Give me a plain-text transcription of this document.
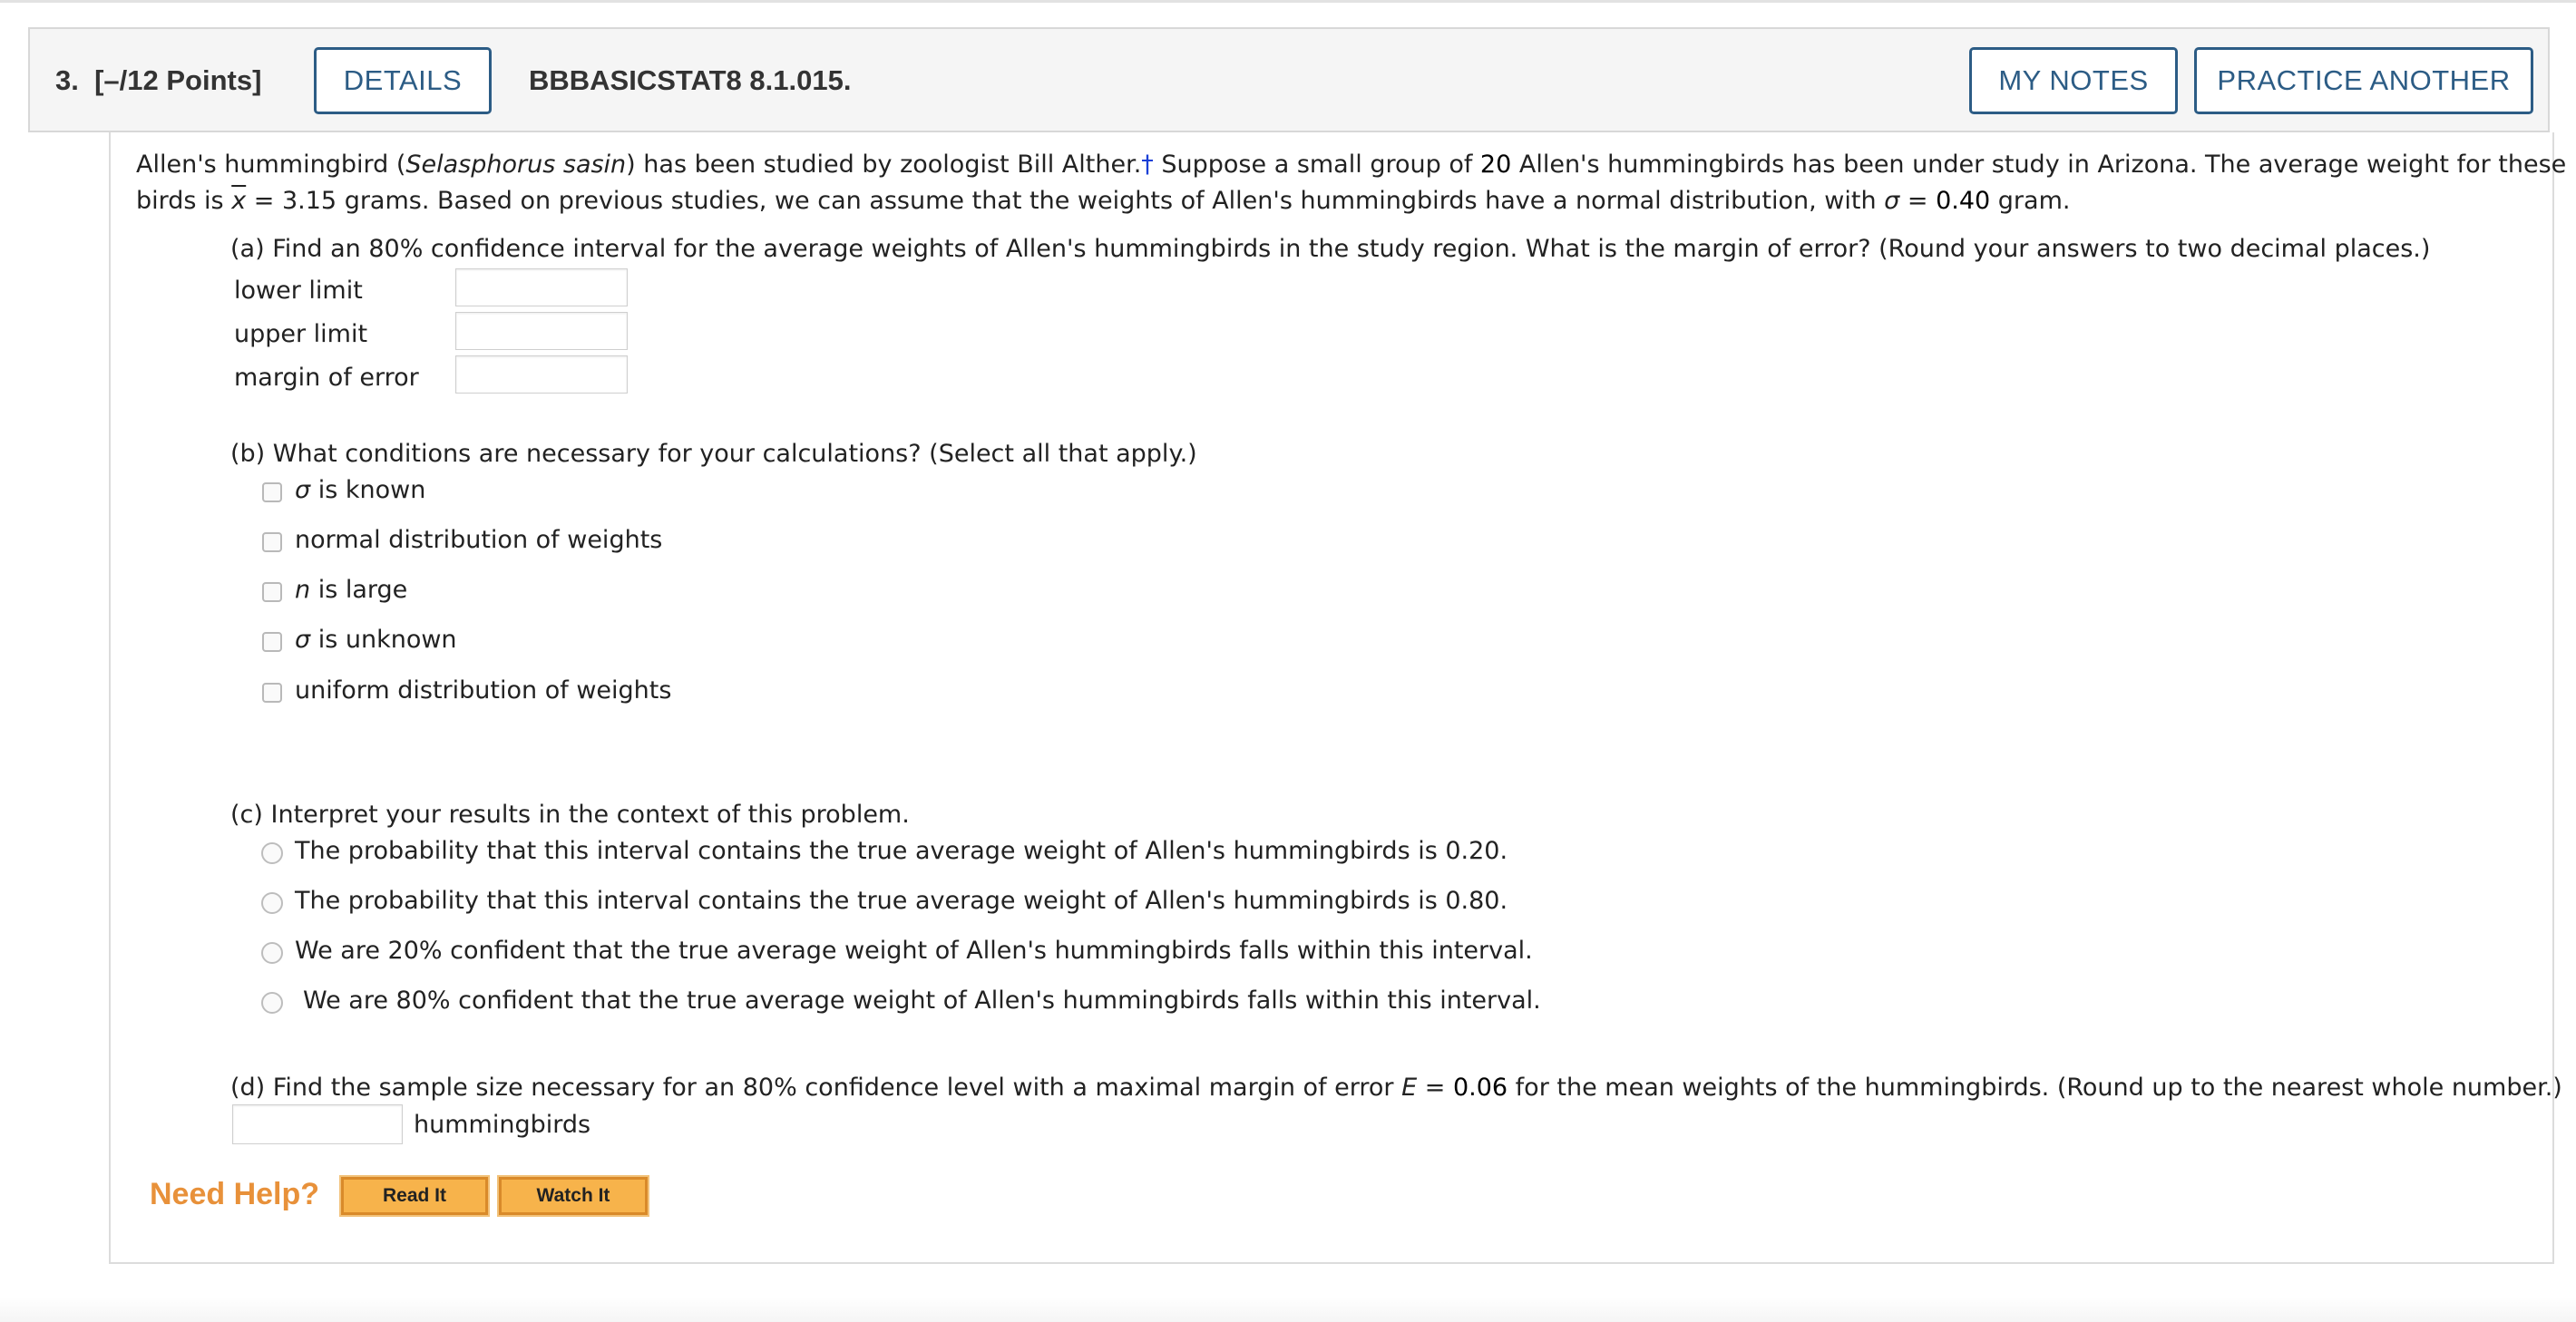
3. [–/12 Points]	DETAILS	BBBASICSTAT8 8.1.015.	MY NOTES	PRACTICE ANOTHER
Allen's hummingbird (Selasphorus sasin) has been studied by zoologist Bill Alther.† Suppose a small group of 20 Allen's hummingbirds has been under study in Arizona. The average weight for these
birds is $\overline{x} = 3.15$ grams. Based on previous studies, we can assume that the weights of Allen's hummingbirds have a normal distribution, with σ = 0.40 gram.
(a) Find an 80% confidence interval for the average weights of Allen's hummingbirds in the study region. What is the margin of error? (Round your answers to two decimal places.)
lower limit
upper limit
margin of error
(b) What conditions are necessary for your calculations? (Select all that apply.)
σ is known
normal distribution of weights
n is large
σ is unknown
uniform distribution of weights
(c) Interpret your results in the context of this problem.
The probability that this interval contains the true average weight of Allen's hummingbirds is 0.20.
The probability that this interval contains the true average weight of Allen's hummingbirds is 0.80.
We are 20% confident that the true average weight of Allen's hummingbirds falls within this interval.
We are 80% confident that the true average weight of Allen's hummingbirds falls within this interval.
(d) Find the sample size necessary for an 80% confidence level with a maximal margin of error E = 0.06 for the mean weights of the hummingbirds. (Round up to the nearest whole number.)
hummingbirds
Need Help?	Read It	Watch It
